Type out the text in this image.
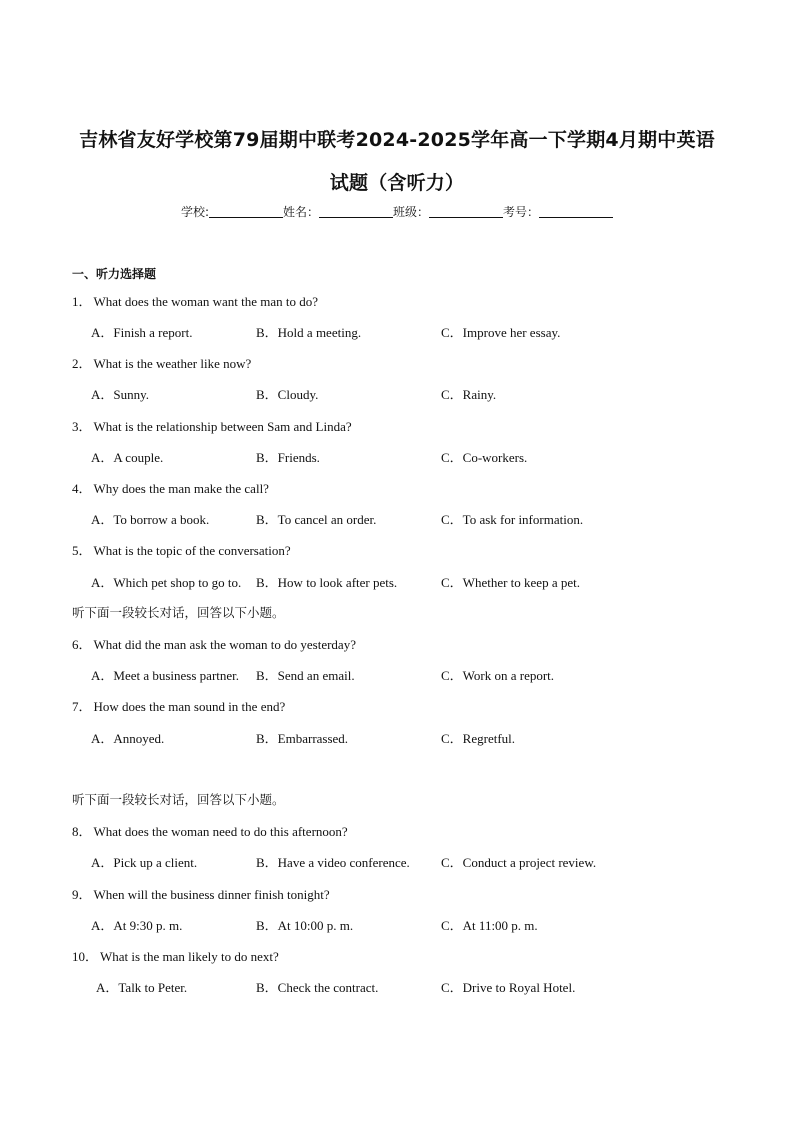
吉林省友好学校第79届期中联考2024-2025学年高一下学期4月期中英语
试题（含听力）
学校:	姓名：	班级：	考号：
一、听力选择题
1． What does the woman want the man to do?
A．Finish a report.	B．Hold a meeting.	C．Improve her essay.
2． What is the weather like now?
A．Sunny.	B．Cloudy.	C．Rainy.
3． What is the relationship between Sam and Linda?
A．A couple.	B．Friends.	C．Co-workers.
4． Why does the man make the call?
A．To borrow a book.	B．To cancel an order.	C．To ask for information.
5． What is the topic of the conversation?
A．Which pet shop to go to. B．How to look after pets.	C．Whether to keep a pet.
听下面一段较长对话，回答以下小题。
6． What did the man ask the woman to do yesterday?
A．Meet a business partner. B．Send an email.	C．Work on a report.
7． How does the man sound in the end?
A．Annoyed.	B．Embarrassed.	C．Regretful.
听下面一段较长对话，回答以下小题。
8． What does the woman need to do this afternoon?
A．Pick up a client.	B．Have a video conference. C．Conduct a project review.
9． When will the business dinner finish tonight?
A．At 9:30 p. m.	B．At 10:00 p. m.	C．At 11:00 p. m.
10． What is the man likely to do next?
A．Talk to Peter.	B．Check the contract.	C．Drive to Royal Hotel.
